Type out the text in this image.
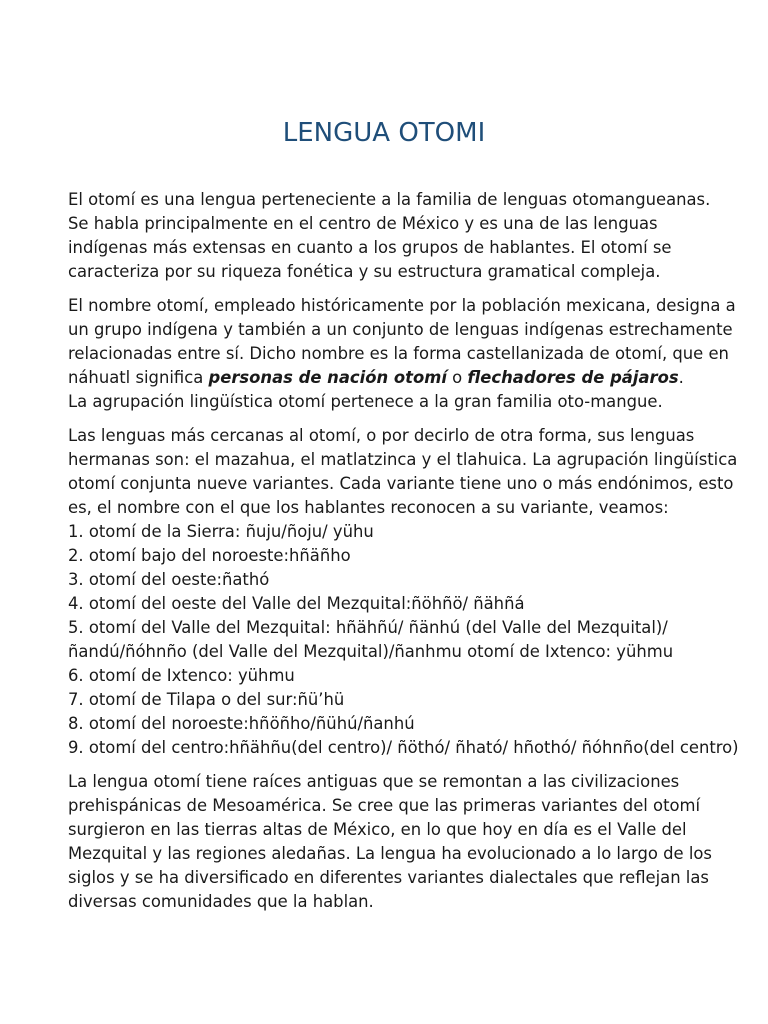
LENGUA OTOMI

El otomí es una lengua perteneciente a la familia de lenguas otomangueanas.
Se habla principalmente en el centro de México y es una de las lenguas
indígenas más extensas en cuanto a los grupos de hablantes. El otomí se
caracteriza por su riqueza fonética y su estructura gramatical compleja.

El nombre otomí, empleado históricamente por la población mexicana, designa a
un grupo indígena y también a un conjunto de lenguas indígenas estrechamente
relacionadas entre sí. Dicho nombre es la forma castellanizada de otomí, que en
náhuatl significa personas de nación otomí o flechadores de pájaros.
La agrupación lingüística otomí pertenece a la gran familia oto-mangue.

Las lenguas más cercanas al otomí, o por decirlo de otra forma, sus lenguas
hermanas son: el mazahua, el matlatzinca y el tlahuica. La agrupación lingüística
otomí conjunta nueve variantes. Cada variante tiene uno o más endónimos, esto
es, el nombre con el que los hablantes reconocen a su variante, veamos:
1. otomí de la Sierra: ñuju/ñoju/ yühu
2. otomí bajo del noroeste:hñäñho
3. otomí del oeste:ñathó
4. otomí del oeste del Valle del Mezquital:ñöhñö/ ñähñá
5. otomí del Valle del Mezquital: hñähñú/ ñänhú (del Valle del Mezquital)/
ñandú/ñóhnño (del Valle del Mezquital)/ñanhmu otomí de Ixtenco: yühmu
6. otomí de Ixtenco: yühmu
7. otomí de Tilapa o del sur:ñü’hü
8. otomí del noroeste:hñöñho/ñühú/ñanhú
9. otomí del centro:hñähñu(del centro)/ ñöthó/ ñható/ hñothó/ ñóhnño(del centro)

La lengua otomí tiene raíces antiguas que se remontan a las civilizaciones
prehispánicas de Mesoamérica. Se cree que las primeras variantes del otomí
surgieron en las tierras altas de México, en lo que hoy en día es el Valle del
Mezquital y las regiones aledañas. La lengua ha evolucionado a lo largo de los
siglos y se ha diversificado en diferentes variantes dialectales que reflejan las
diversas comunidades que la hablan.
